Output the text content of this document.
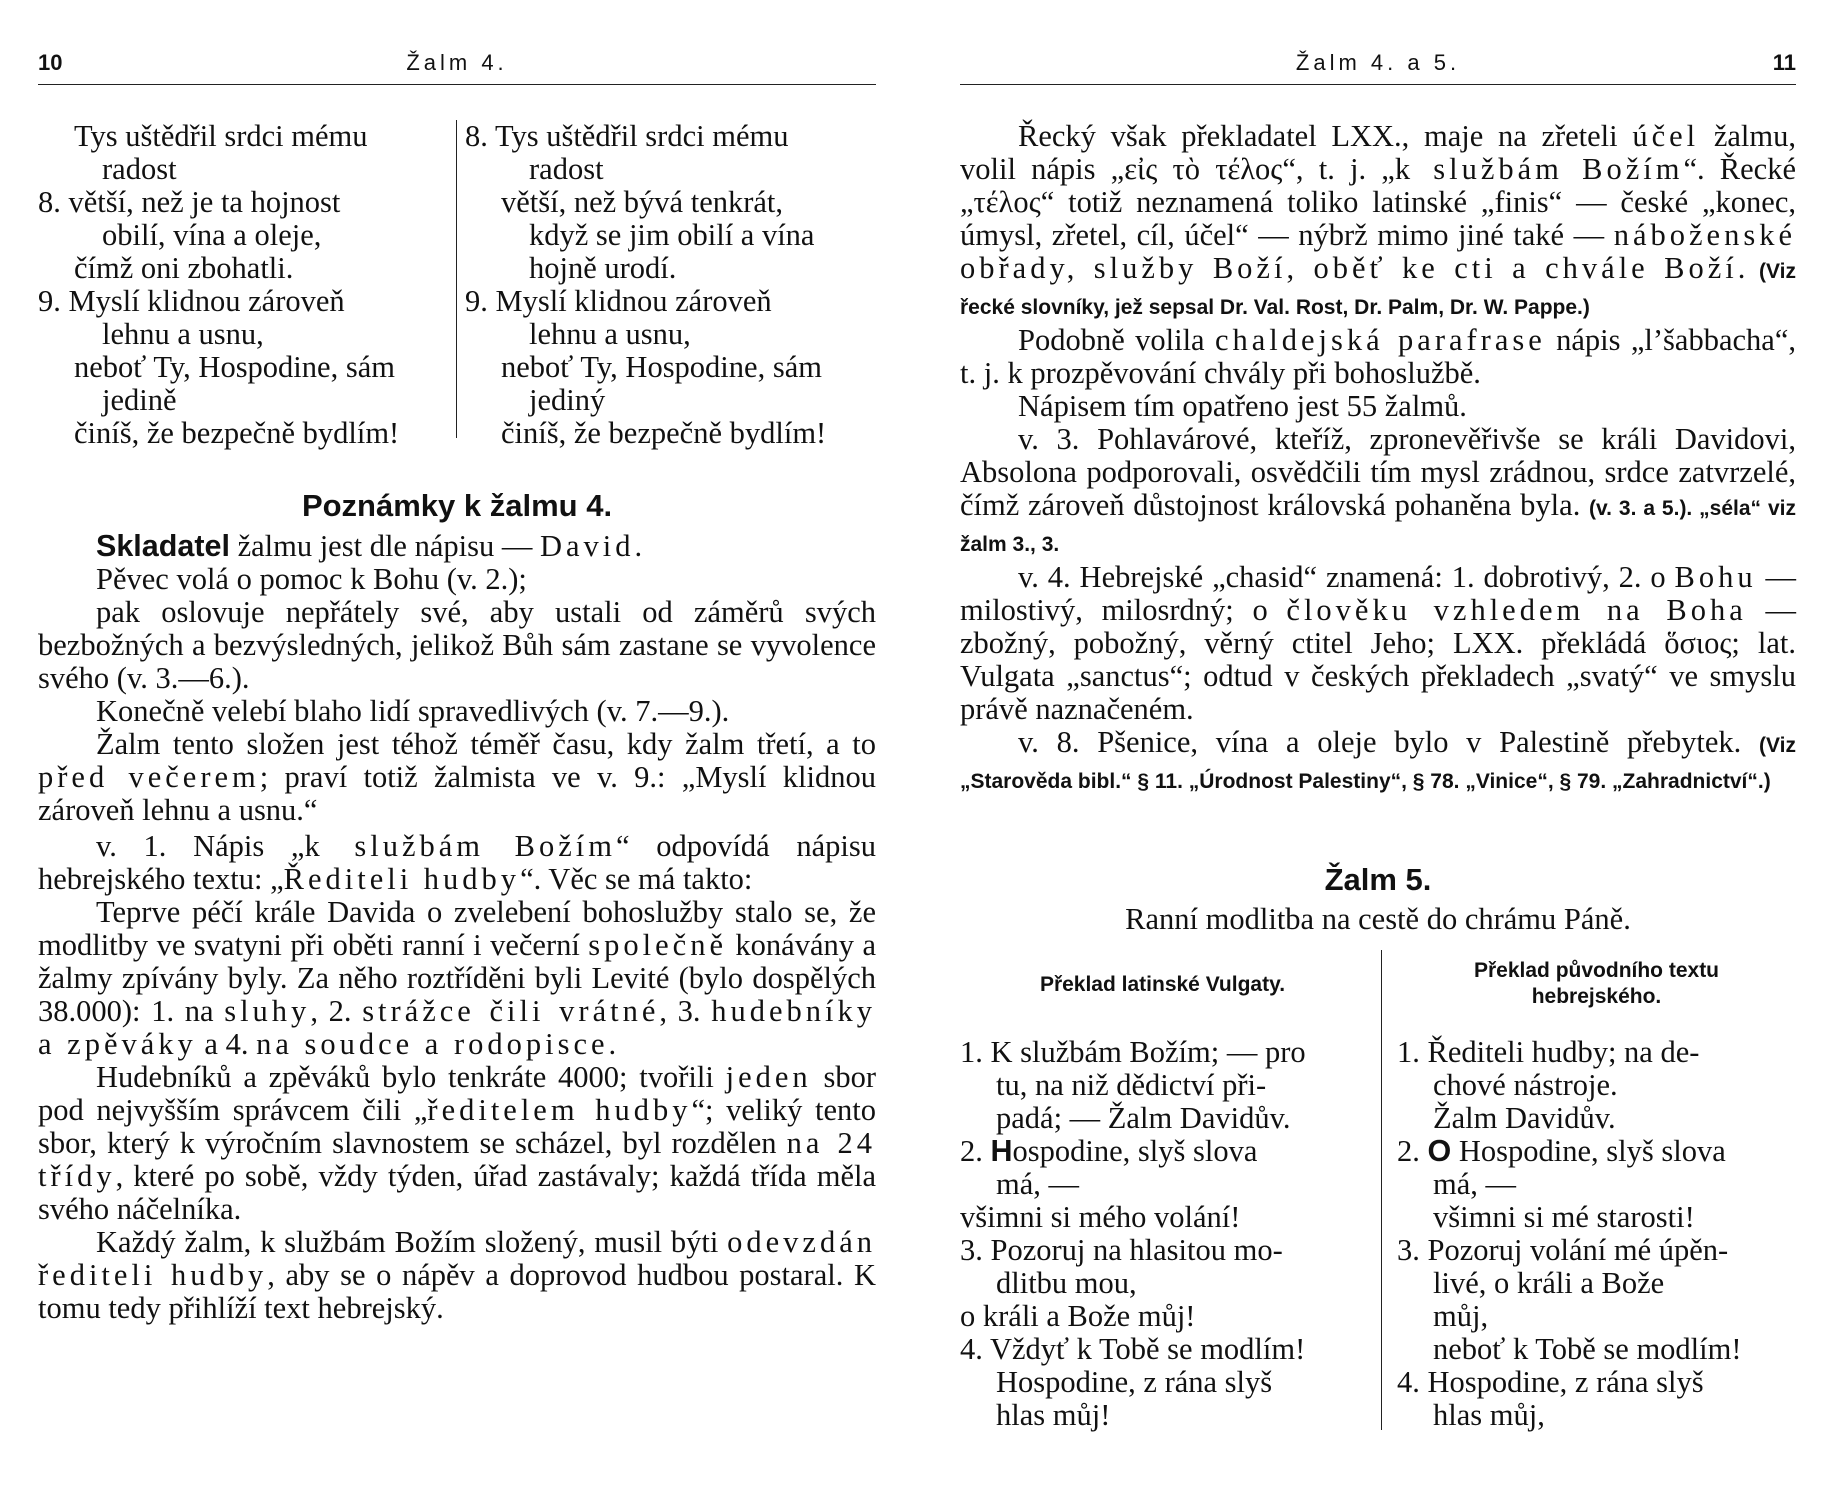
10	Žalm 4.
Tys uštědřil srdci mému
radost
8. větší, než je ta hojnost
obilí, vína a oleje,
čímž oni zbohatli.
9. Myslí klidnou zároveň
lehnu a usnu,
neboť Ty, Hospodine, sám
jedině
činíš, že bezpečně bydlím!
8. Tys uštědřil srdci mému
radost
větší, než bývá tenkrát,
když se jim obilí a vína
hojně urodí.
9. Myslí klidnou zároveň
lehnu a usnu,
neboť Ty, Hospodine, sám
jediný
činíš, že bezpečně bydlím!
Poznámky k žalmu 4.

Skladatel žalmu jest dle nápisu — David.

Pěvec volá o pomoc k Bohu (v. 2.);

pak oslovuje nepřátely své, aby ustali od záměrů svých bezbožných a bezvýsledných, jelikož Bůh sám zastane se vyvolence svého (v. 3.—6.).

Konečně velebí blaho lidí spravedlivých (v. 7.—9.).

Žalm tento složen jest téhož téměř času, kdy žalm třetí, a to před večerem; praví totiž žalmista ve v. 9.: „Myslí klidnou zároveň lehnu a usnu.“

v. 1. Nápis „k službám Božím“ odpovídá nápisu hebrejského textu: „Řediteli hudby“. Věc se má takto:

Teprve péčí krále Davida o zvelebení bohoslužby stalo se, že modlitby ve svatyni při oběti ranní i večerní společně konávány a žalmy zpívány byly. Za něho roztříděni byli Levité (bylo dospělých 38.000): 1. na sluhy, 2. strážce čili vrátné, 3. hudebníky a zpěváky a 4. na soudce a rodopisce.

Hudebníků a zpěváků bylo tenkráte 4000; tvořili jeden sbor pod nejvyšším správcem čili „ředitelem hudby“; veliký tento sbor, který k výročním slavnostem se scházel, byl rozdělen na 24 třídy, které po sobě, vždy týden, úřad zastávaly; každá třída měla svého náčelníka.

Každý žalm, k službám Božím složený, musil býti odevzdán řediteli hudby, aby se o nápěv a doprovod hudbou postaral. K tomu tedy přihlíží text hebrejský.

Žalm 4. a 5.	11

Řecký však překladatel LXX., maje na zřeteli účel žalmu, volil nápis „εἰς τὸ τέλος“, t. j. „k službám Božím“. Řecké „τέλος“ totiž neznamená toliko latinské „finis“ — české „konec, úmysl, zřetel, cíl, účel“ — nýbrž mimo jiné také — náboženské obřady, služby Boží, oběť ke cti a chvále Boží. (Viz řecké slovníky, jež sepsal Dr. Val. Rost, Dr. Palm, Dr. W. Pappe.)

Podobně volila chaldejská parafrase nápis „l’šabbacha“, t. j. k prozpěvování chvály při bohoslužbě.

Nápisem tím opatřeno jest 55 žalmů.

v. 3. Pohlavárové, kteříž, zpronevěřivše se králi Davidovi, Absolona podporovali, osvědčili tím mysl zrádnou, srdce zatvrzelé, čímž zároveň důstojnost královská pohaněna byla. (v. 3. a 5.). „séla“ viz žalm 3., 3.

v. 4. Hebrejské „chasid“ znamená: 1. dobrotivý, 2. o Bohu — milostivý, milosrdný; o člověku vzhledem na Boha — zbožný, pobožný, věrný ctitel Jeho; LXX. překládá ὅσιος; lat. Vulgata „sanctus“; odtud v českých překladech „svatý“ ve smyslu právě naznačeném.

v. 8. Pšenice, vína a oleje bylo v Palestině přebytek. (Viz „Starověda bibl.“ § 11. „Úrodnost Palestiny“, § 78. „Vinice“, § 79. „Zahradnictví“.)

Žalm 5.
Ranní modlitba na cestě do chrámu Páně.
Překlad latinské Vulgaty.
1. K službám Božím; — pro
tu, na niž dědictví při-
padá; — Žalm Davidův.
2. Hospodine, slyš slova
má, —
všimni si mého volání!
3. Pozoruj na hlasitou mo-
dlitbu mou,
o králi a Bože můj!
4. Vždyť k Tobě se modlím!
Hospodine, z rána slyš
hlas můj!
Překlad původního textu
hebrejského.
1. Řediteli hudby; na de-
chové nástroje.
Žalm Davidův.
2. O Hospodine, slyš slova
má, —
všimni si mé starosti!
3. Pozoruj volání mé úpěn-
livé, o králi a Bože
můj,
neboť k Tobě se modlím!
4. Hospodine, z rána slyš
hlas můj,
